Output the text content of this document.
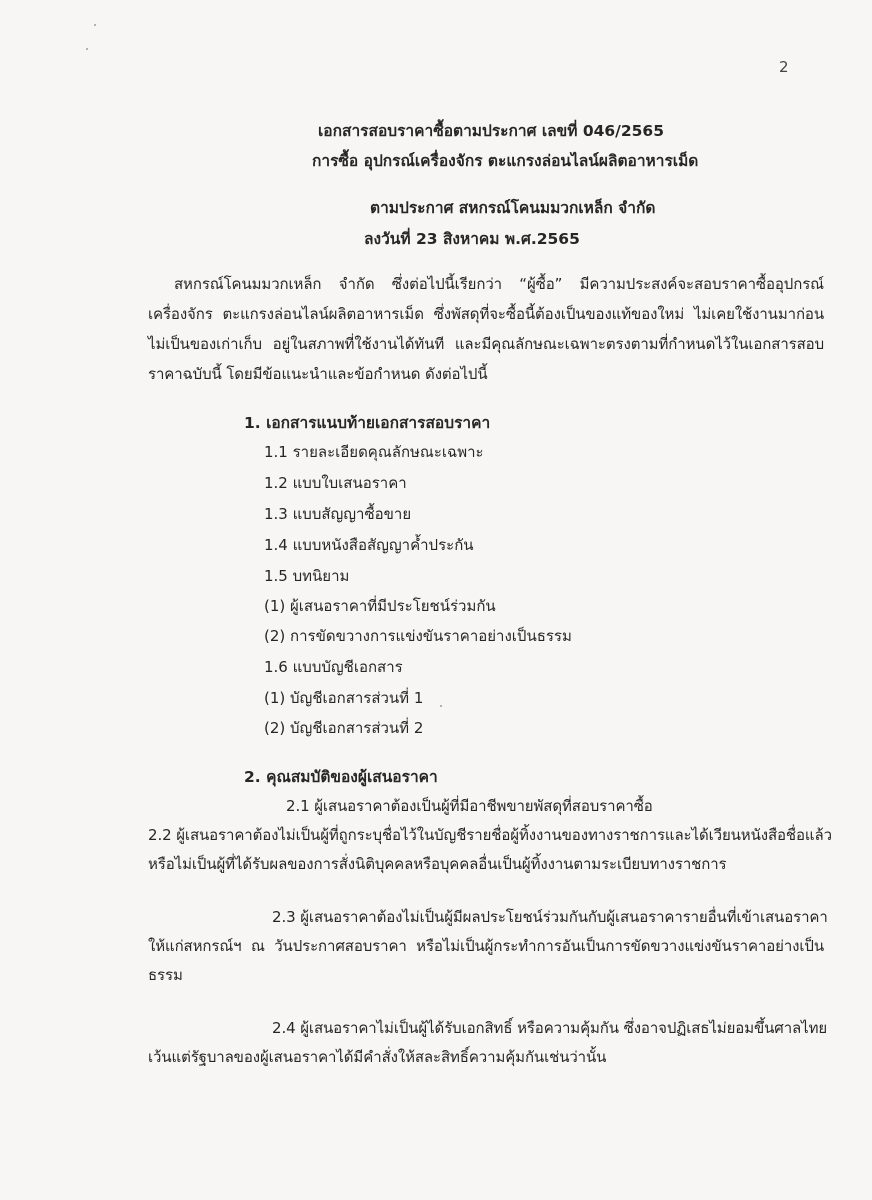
2
เอกสารสอบราคาซื้อตามประกาศ เลขที่ 046/2565
การซื้อ อุปกรณ์เครื่องจักร ตะแกรงล่อนไลน์ผลิตอาหารเม็ด
ตามประกาศ สหกรณ์โคนมมวกเหล็ก จำกัด
ลงวันที่ 23 สิงหาคม พ.ศ.2565
สหกรณ์โคนมมวกเหล็ก จำกัด ซึ่งต่อไปนี้เรียกว่า “ผู้ซื้อ” มีความประสงค์จะสอบราคาซื้ออุปกรณ์
เครื่องจักร ตะแกรงล่อนไลน์ผลิตอาหารเม็ด ซึ่งพัสดุที่จะซื้อนี้ต้องเป็นของแท้ของใหม่ ไม่เคยใช้งานมาก่อน
ไม่เป็นของเก่าเก็บ อยู่ในสภาพที่ใช้งานได้ทันที และมีคุณลักษณะเฉพาะตรงตามที่กำหนดไว้ในเอกสารสอบ
ราคาฉบับนี้ โดยมีข้อแนะนำและข้อกำหนด ดังต่อไปนี้
1. เอกสารแนบท้ายเอกสารสอบราคา
1.1 รายละเอียดคุณลักษณะเฉพาะ
1.2 แบบใบเสนอราคา
1.3 แบบสัญญาซื้อขาย
1.4 แบบหนังสือสัญญาค้ำประกัน
1.5 บทนิยาม
(1) ผู้เสนอราคาที่มีประโยชน์ร่วมกัน
(2) การขัดขวางการแข่งขันราคาอย่างเป็นธรรม
1.6 แบบบัญชีเอกสาร
(1) บัญชีเอกสารส่วนที่ 1
(2) บัญชีเอกสารส่วนที่ 2
2. คุณสมบัติของผู้เสนอราคา
2.1 ผู้เสนอราคาต้องเป็นผู้ที่มีอาชีพขายพัสดุที่สอบราคาซื้อ
2.2 ผู้เสนอราคาต้องไม่เป็นผู้ที่ถูกระบุชื่อไว้ในบัญชีรายชื่อผู้ทิ้งงานของทางราชการและได้เวียนหนังสือชื่อแล้ว
หรือไม่เป็นผู้ที่ได้รับผลของการสั่งนิติบุคคลหรือบุคคลอื่นเป็นผู้ทิ้งงานตามระเบียบทางราชการ
2.3 ผู้เสนอราคาต้องไม่เป็นผู้มีผลประโยชน์ร่วมกันกับผู้เสนอราคารายอื่นที่เข้าเสนอราคา
ให้แก่สหกรณ์ฯ ณ วันประกาศสอบราคา หรือไม่เป็นผู้กระทำการอันเป็นการขัดขวางแข่งขันราคาอย่างเป็น
ธรรม
2.4 ผู้เสนอราคาไม่เป็นผู้ได้รับเอกสิทธิ์ หรือความคุ้มกัน ซึ่งอาจปฏิเสธไม่ยอมขึ้นศาลไทย
เว้นแต่รัฐบาลของผู้เสนอราคาได้มีคำสั่งให้สละสิทธิ์ความคุ้มกันเช่นว่านั้น
